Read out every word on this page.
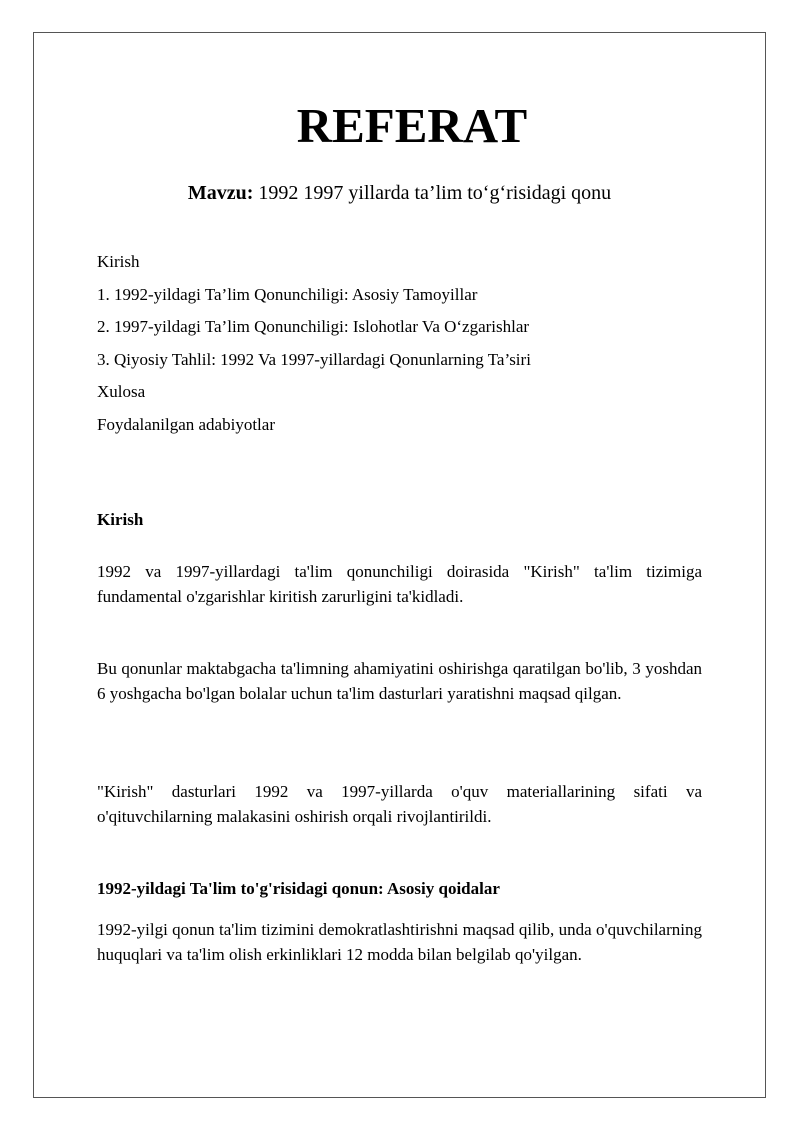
REFERAT

Mavzu: 1992 1997 yillarda ta’lim to‘g‘risidagi qonu

Kirish
1. 1992-yildagi Ta’lim Qonunchiligi: Asosiy Tamoyillar
2. 1997-yildagi Ta’lim Qonunchiligi: Islohotlar Va O‘zgarishlar
3. Qiyosiy Tahlil: 1992 Va 1997-yillardagi Qonunlarning Ta’siri
Xulosa
Foydalanilgan adabiyotlar
Kirish

1992 va 1997-yillardagi ta'lim qonunchiligi doirasida "Kirish" ta'lim tizimiga fundamental o'zgarishlar kiritish zarurligini ta'kidladi.

Bu qonunlar maktabgacha ta'limning ahamiyatini oshirishga qaratilgan bo'lib, 3 yoshdan 6 yoshgacha bo'lgan bolalar uchun ta'lim dasturlari yaratishni maqsad qilgan.

"Kirish" dasturlari 1992 va 1997-yillarda o'quv materiallarining sifati va o'qituvchilarning malakasini oshirish orqali rivojlantirildi.

1992-yildagi Ta'lim to'g'risidagi qonun: Asosiy qoidalar

1992-yilgi qonun ta'lim tizimini demokratlashtirishni maqsad qilib, unda o'quvchilarning huquqlari va ta'lim olish erkinliklari 12 modda bilan belgilab qo'yilgan.
